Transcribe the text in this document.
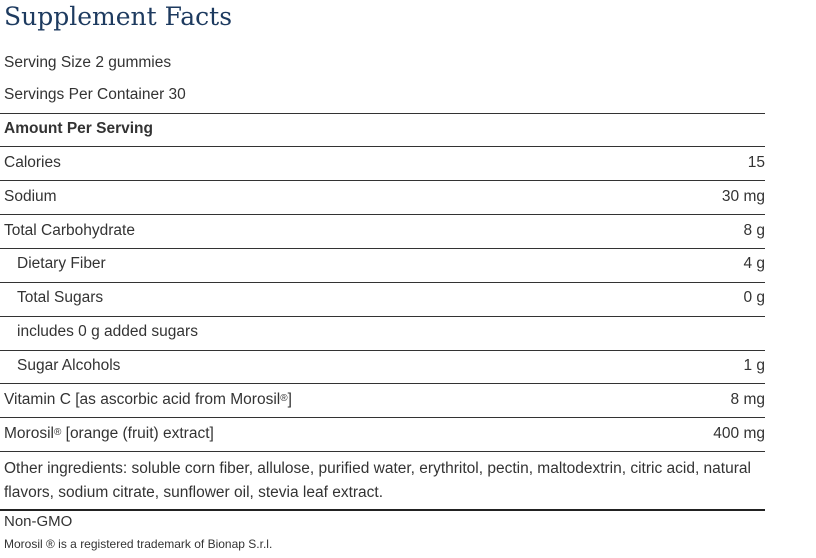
Supplement Facts
Serving Size 2 gummies
Servings Per Container 30
Amount Per Serving
Calories	15
Sodium	30 mg
Total Carbohydrate	8 g
Dietary Fiber	4 g
Total Sugars	0 g
includes 0 g added sugars
Sugar Alcohols	1 g
Vitamin C [as ascorbic acid from Morosil®]	8 mg
Morosil® [orange (fruit) extract]	400 mg
Other ingredients: soluble corn fiber, allulose, purified water, erythritol, pectin, maltodextrin, citric acid, natural flavors, sodium citrate, sunflower oil, stevia leaf extract.
Non-GMO
Morosil ® is a registered trademark of Bionap S.r.l.
